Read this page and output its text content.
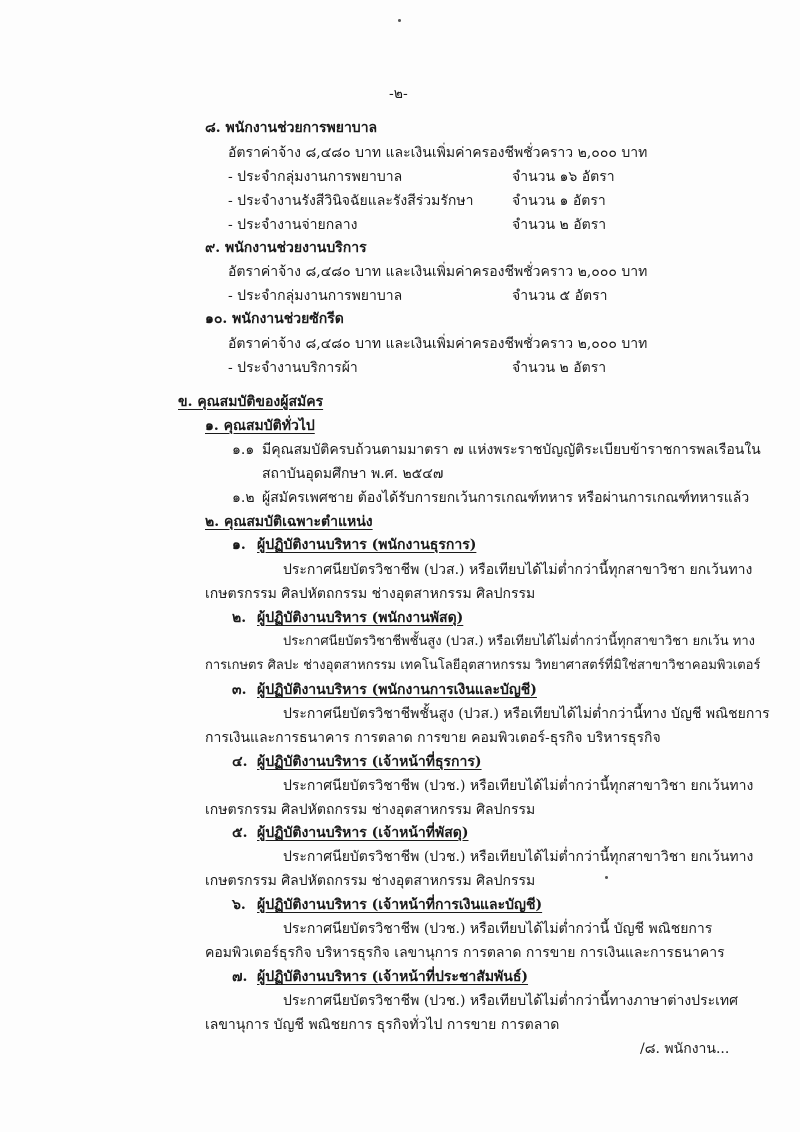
-๒-
๘. พนักงานช่วยการพยาบาล
อัตราค่าจ้าง ๘,๔๘๐ บาท และเงินเพิ่มค่าครองชีพชั่วคราว ๒,๐๐๐ บาท
- ประจำกลุ่มงานการพยาบาล	จำนวน ๑๖ อัตรา
- ประจำงานรังสีวินิจฉัยและรังสีร่วมรักษา	จำนวน ๑ อัตรา
- ประจำงานจ่ายกลาง	จำนวน ๒ อัตรา
๙. พนักงานช่วยงานบริการ
อัตราค่าจ้าง ๘,๔๘๐ บาท และเงินเพิ่มค่าครองชีพชั่วคราว ๒,๐๐๐ บาท
- ประจำกลุ่มงานการพยาบาล	จำนวน ๕ อัตรา
๑๐. พนักงานช่วยซักรีด
อัตราค่าจ้าง ๘,๔๘๐ บาท และเงินเพิ่มค่าครองชีพชั่วคราว ๒,๐๐๐ บาท
- ประจำงานบริการผ้า	จำนวน ๒ อัตรา
ข. คุณสมบัติของผู้สมัคร
๑. คุณสมบัติทั่วไป
๑.๑ มีคุณสมบัติครบถ้วนตามมาตรา ๗ แห่งพระราชบัญญัติระเบียบข้าราชการพลเรือนใน
สถาบันอุดมศึกษา พ.ศ. ๒๕๔๗
๑.๒ ผู้สมัครเพศชาย ต้องได้รับการยกเว้นการเกณฑ์ทหาร หรือผ่านการเกณฑ์ทหารแล้ว
๒. คุณสมบัติเฉพาะตำแหน่ง
๑. ผู้ปฏิบัติงานบริหาร (พนักงานธุรการ)
ประกาศนียบัตรวิชาชีพ (ปวส.) หรือเทียบได้ไม่ต่ำกว่านี้ทุกสาขาวิชา ยกเว้นทาง
เกษตรกรรม ศิลปหัตถกรรม ช่างอุตสาหกรรม ศิลปกรรม
๒. ผู้ปฏิบัติงานบริหาร (พนักงานพัสดุ)
ประกาศนียบัตรวิชาชีพชั้นสูง (ปวส.) หรือเทียบได้ไม่ต่ำกว่านี้ทุกสาขาวิชา ยกเว้น ทาง
การเกษตร ศิลปะ ช่างอุตสาหกรรม เทคโนโลยีอุตสาหกรรม วิทยาศาสตร์ที่มิใช่สาขาวิชาคอมพิวเตอร์
๓. ผู้ปฏิบัติงานบริหาร (พนักงานการเงินและบัญชี)
ประกาศนียบัตรวิชาชีพชั้นสูง (ปวส.) หรือเทียบได้ไม่ต่ำกว่านี้ทาง บัญชี พณิชยการ
การเงินและการธนาคาร การตลาด การขาย คอมพิวเตอร์-ธุรกิจ บริหารธุรกิจ
๔. ผู้ปฏิบัติงานบริหาร (เจ้าหน้าที่ธุรการ)
ประกาศนียบัตรวิชาชีพ (ปวช.) หรือเทียบได้ไม่ต่ำกว่านี้ทุกสาขาวิชา ยกเว้นทาง
เกษตรกรรม ศิลปหัตถกรรม ช่างอุตสาหกรรม ศิลปกรรม
๕. ผู้ปฏิบัติงานบริหาร (เจ้าหน้าที่พัสดุ)
ประกาศนียบัตรวิชาชีพ (ปวช.) หรือเทียบได้ไม่ต่ำกว่านี้ทุกสาขาวิชา ยกเว้นทาง
เกษตรกรรม ศิลปหัตถกรรม ช่างอุตสาหกรรม ศิลปกรรม
๖. ผู้ปฏิบัติงานบริหาร (เจ้าหน้าที่การเงินและบัญชี)
ประกาศนียบัตรวิชาชีพ (ปวช.) หรือเทียบได้ไม่ต่ำกว่านี้ บัญชี พณิชยการ
คอมพิวเตอร์ธุรกิจ บริหารธุรกิจ เลขานุการ การตลาด การขาย การเงินและการธนาคาร
๗. ผู้ปฏิบัติงานบริหาร (เจ้าหน้าที่ประชาสัมพันธ์)
ประกาศนียบัตรวิชาชีพ (ปวช.) หรือเทียบได้ไม่ต่ำกว่านี้ทางภาษาต่างประเทศ
เลขานุการ บัญชี พณิชยการ ธุรกิจทั่วไป การขาย การตลาด
/๘. พนักงาน...
